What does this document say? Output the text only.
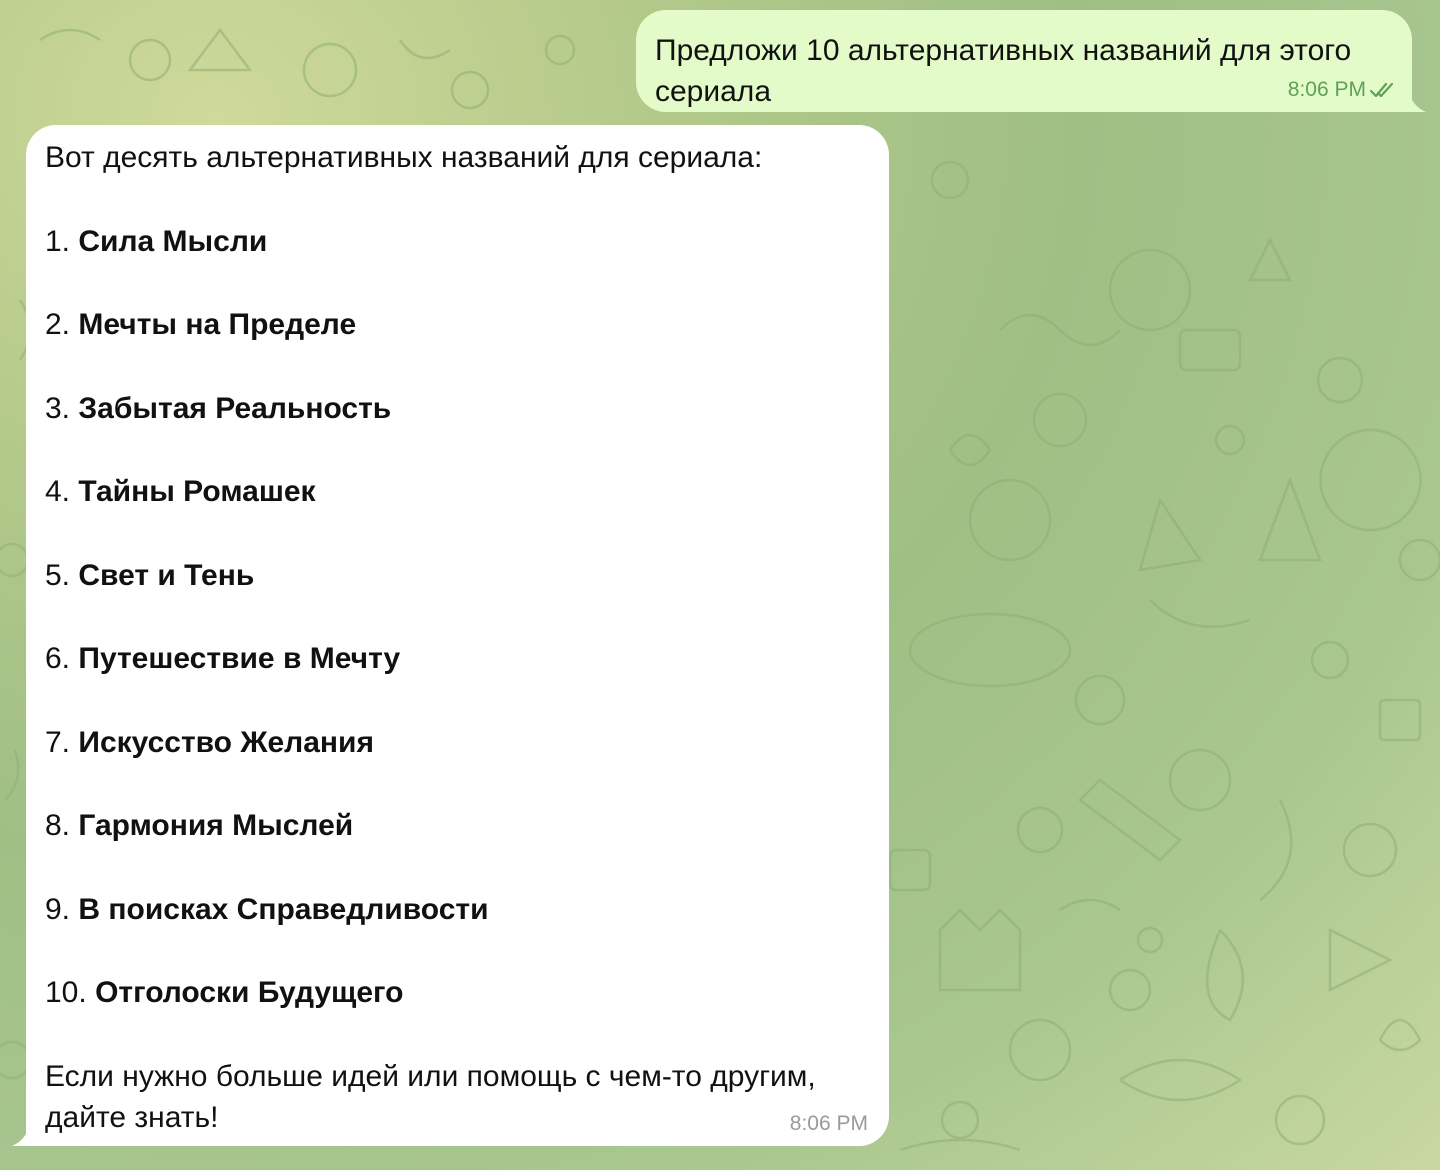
Предложи 10 альтернативных названий для этого сериала	8:06 PM

Вот десять альтернативных названий для сериала:

1. Сила Мысли

2. Мечты на Пределе

3. Забытая Реальность

4. Тайны Ромашек

5. Свет и Тень

6. Путешествие в Мечту

7. Искусство Желания

8. Гармония Мыслей

9. В поисках Справедливости

10. Отголоски Будущего

Если нужно больше идей или помощь с чем-то другим, дайте знать!	8:06 PM
